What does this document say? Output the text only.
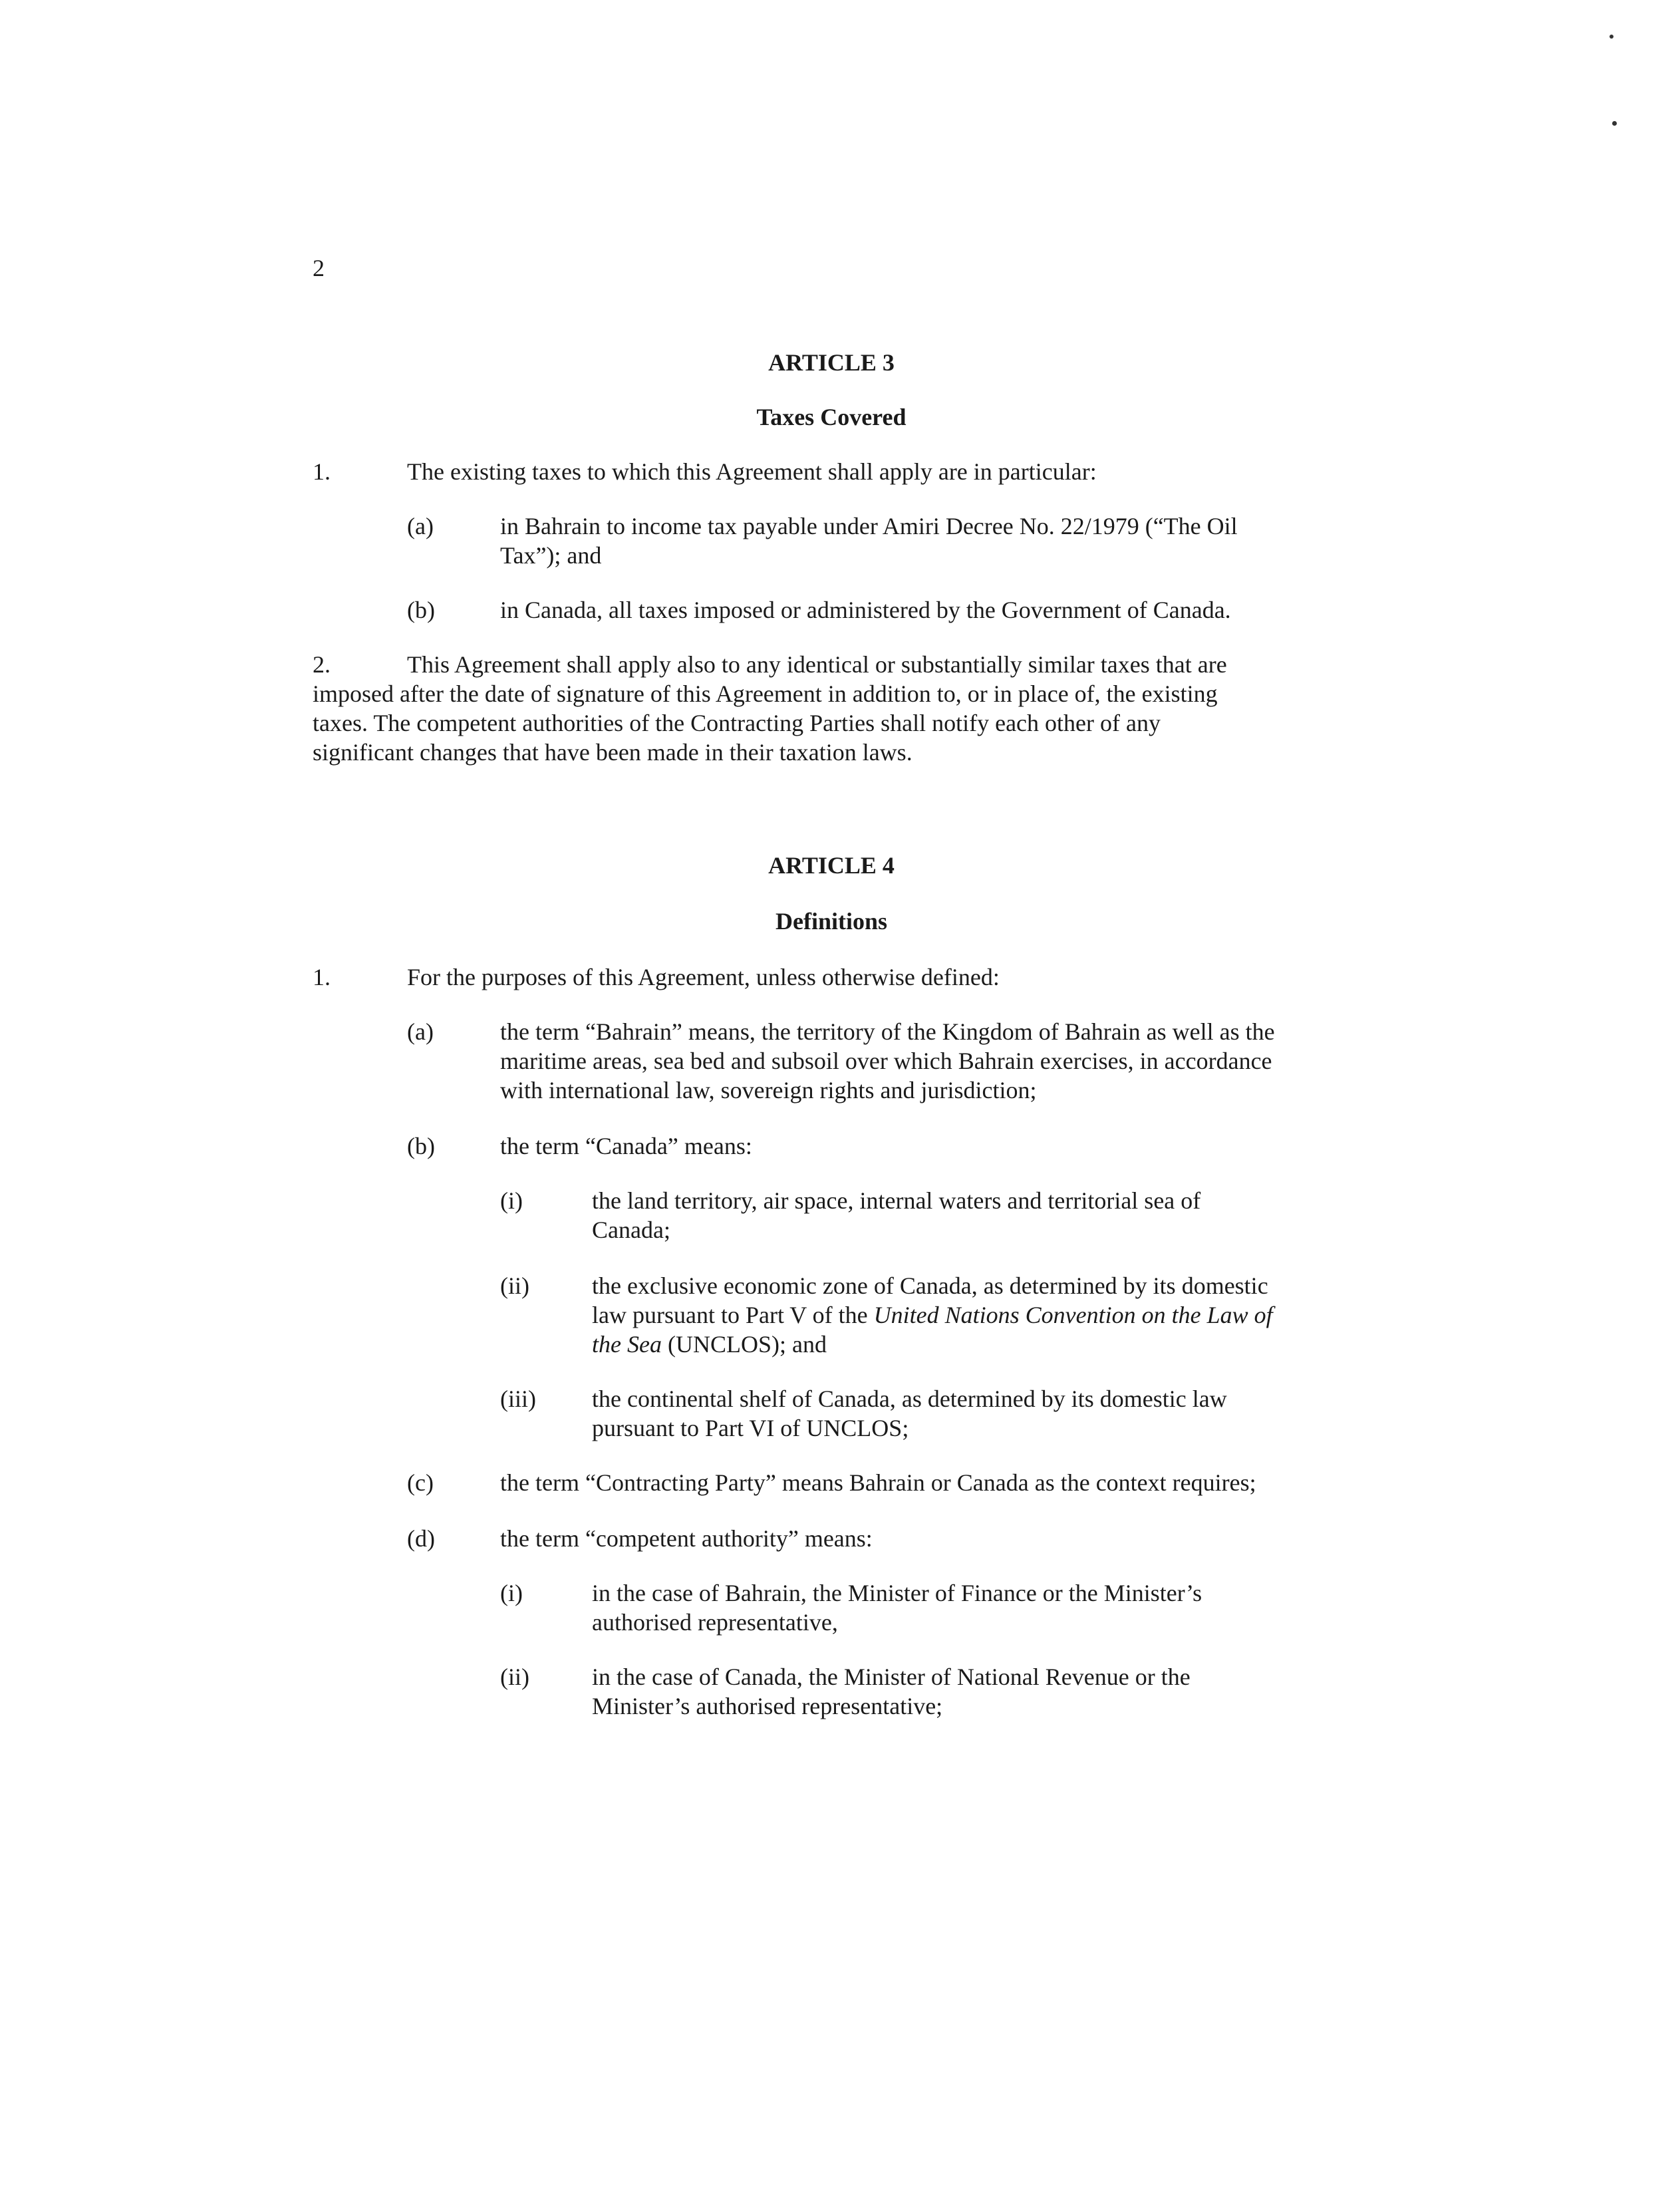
2
ARTICLE 3
Taxes Covered
1.	The existing taxes to which this Agreement shall apply are in particular:
(a)	in Bahrain to income tax payable under Amiri Decree No. 22/1979 (“The Oil
Tax”); and
(b)	in Canada, all taxes imposed or administered by the Government of Canada.
2.	This Agreement shall apply also to any identical or substantially similar taxes that are
imposed after the date of signature of this Agreement in addition to, or in place of, the existing
taxes. The competent authorities of the Contracting Parties shall notify each other of any
significant changes that have been made in their taxation laws.
ARTICLE 4
Definitions
1.	For the purposes of this Agreement, unless otherwise defined:
(a)	the term “Bahrain” means, the territory of the Kingdom of Bahrain as well as the
maritime areas, sea bed and subsoil over which Bahrain exercises, in accordance
with international law, sovereign rights and jurisdiction;
(b)	the term “Canada” means:
(i)	the land territory, air space, internal waters and territorial sea of
Canada;
(ii)	the exclusive economic zone of Canada, as determined by its domestic
law pursuant to Part V of the United Nations Convention on the Law of
the Sea (UNCLOS); and
(iii) the continental shelf of Canada, as determined by its domestic law
pursuant to Part VI of UNCLOS;
(c)	the term “Contracting Party” means Bahrain or Canada as the context requires;
(d)	the term “competent authority” means:
(i)	in the case of Bahrain, the Minister of Finance or the Minister’s
authorised representative,
(ii)	in the case of Canada, the Minister of National Revenue or the
Minister’s authorised representative;
